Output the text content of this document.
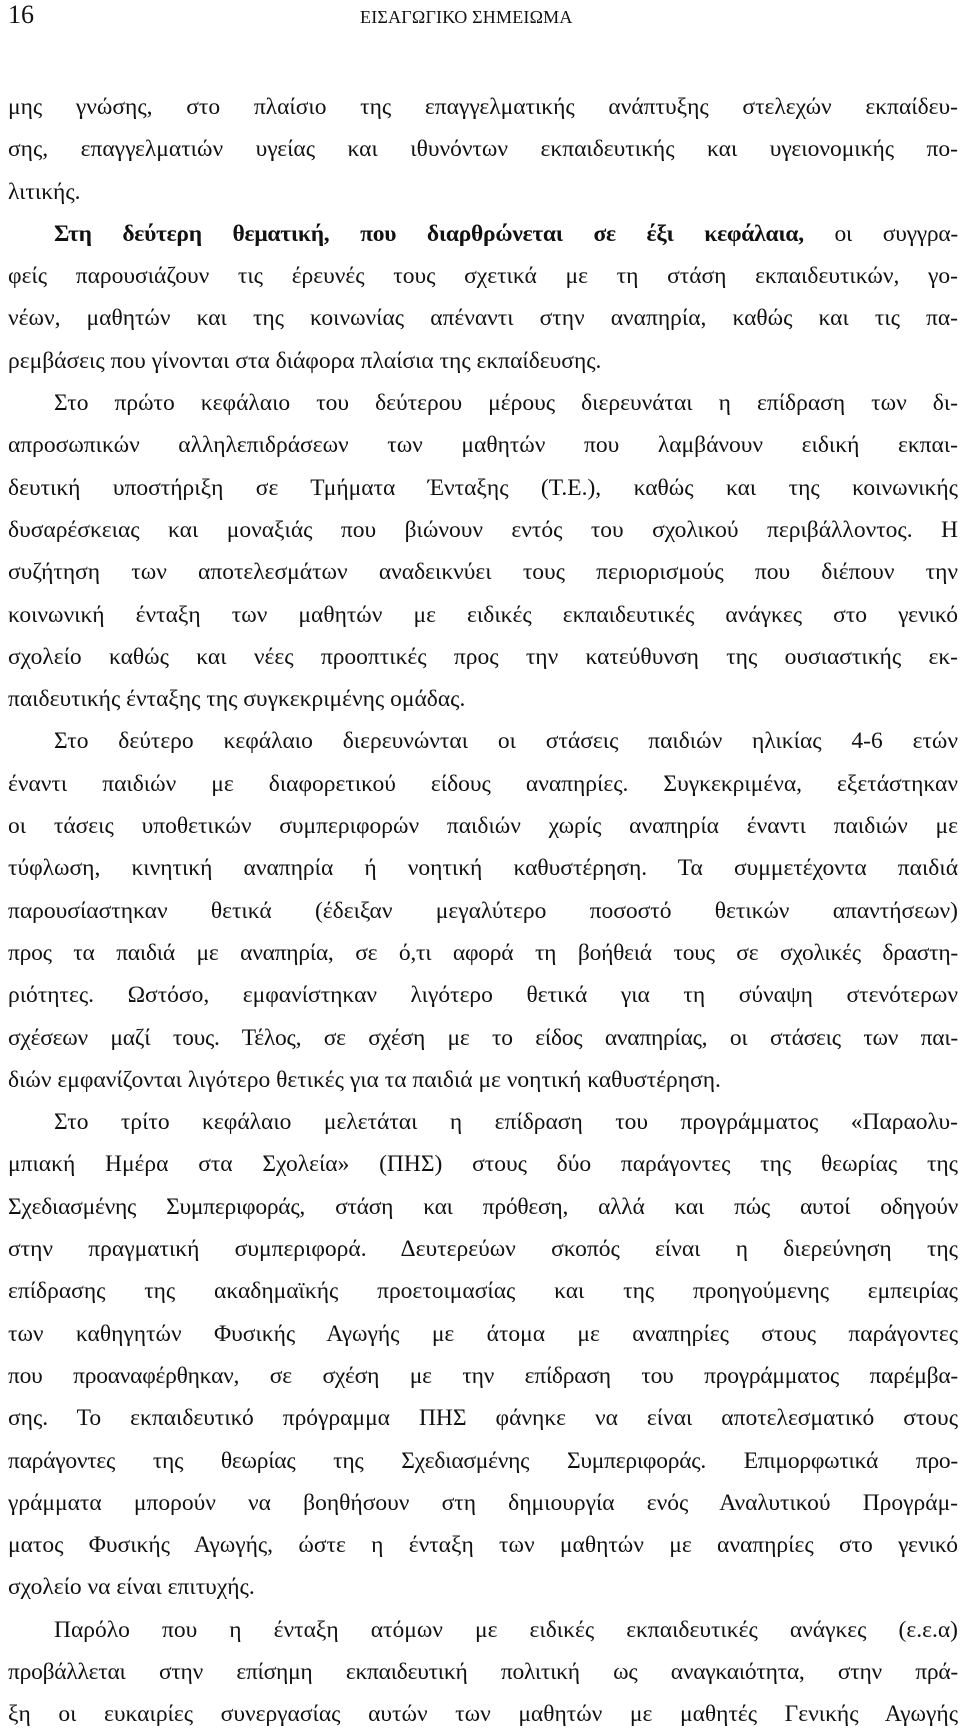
16	ΕΙΣΑΓΩΓΙΚΟ ΣΗΜΕΙΩΜΑ
μης γνώσης, στο πλαίσιο της επαγγελματικής ανάπτυξης στελεχών εκπαίδευ-
σης, επαγγελματιών υγείας και ιθυνόντων εκπαιδευτικής και υγειονομικής πο-
λιτικής.
Στη δεύτερη θεματική, που διαρθρώνεται σε έξι κεφάλαια, οι συγγρα-
φείς παρουσιάζουν τις έρευνές τους σχετικά με τη στάση εκπαιδευτικών, γο-
νέων, μαθητών και της κοινωνίας απέναντι στην αναπηρία, καθώς και τις πα-
ρεμβάσεις που γίνονται στα διάφορα πλαίσια της εκπαίδευσης.
Στο πρώτο κεφάλαιο του δεύτερου μέρους διερευνάται η επίδραση των δι-
απροσωπικών αλληλεπιδράσεων των μαθητών που λαμβάνουν ειδική εκπαι-
δευτική υποστήριξη σε Τμήματα Ένταξης (Τ.Ε.), καθώς και της κοινωνικής
δυσαρέσκειας και μοναξιάς που βιώνουν εντός του σχολικού περιβάλλοντος. Η
συζήτηση των αποτελεσμάτων αναδεικνύει τους περιορισμούς που διέπουν την
κοινωνική ένταξη των μαθητών με ειδικές εκπαιδευτικές ανάγκες στο γενικό
σχολείο καθώς και νέες προοπτικές προς την κατεύθυνση της ουσιαστικής εκ-
παιδευτικής ένταξης της συγκεκριμένης ομάδας.
Στο δεύτερο κεφάλαιο διερευνώνται οι στάσεις παιδιών ηλικίας 4-6 ετών
έναντι παιδιών με διαφορετικού είδους αναπηρίες. Συγκεκριμένα, εξετάστηκαν
οι τάσεις υποθετικών συμπεριφορών παιδιών χωρίς αναπηρία έναντι παιδιών με
τύφλωση, κινητική αναπηρία ή νοητική καθυστέρηση. Τα συμμετέχοντα παιδιά
παρουσίαστηκαν θετικά (έδειξαν μεγαλύτερο ποσοστό θετικών απαντήσεων)
προς τα παιδιά με αναπηρία, σε ό,τι αφορά τη βοήθειά τους σε σχολικές δραστη-
ριότητες. Ωστόσο, εμφανίστηκαν λιγότερο θετικά για τη σύναψη στενότερων
σχέσεων μαζί τους. Τέλος, σε σχέση με το είδος αναπηρίας, οι στάσεις των παι-
διών εμφανίζονται λιγότερο θετικές για τα παιδιά με νοητική καθυστέρηση.
Στο τρίτο κεφάλαιο μελετάται η επίδραση του προγράμματος «Παραολυ-
μπιακή Ημέρα στα Σχολεία» (ΠΗΣ) στους δύο παράγοντες της θεωρίας της
Σχεδιασμένης Συμπεριφοράς, στάση και πρόθεση, αλλά και πώς αυτοί οδηγούν
στην πραγματική συμπεριφορά. Δευτερεύων σκοπός είναι η διερεύνηση της
επίδρασης της ακαδημαϊκής προετοιμασίας και της προηγούμενης εμπειρίας
των καθηγητών Φυσικής Αγωγής με άτομα με αναπηρίες στους παράγοντες
που προαναφέρθηκαν, σε σχέση με την επίδραση του προγράμματος παρέμβα-
σης. Το εκπαιδευτικό πρόγραμμα ΠΗΣ φάνηκε να είναι αποτελεσματικό στους
παράγοντες της θεωρίας της Σχεδιασμένης Συμπεριφοράς. Επιμορφωτικά προ-
γράμματα μπορούν να βοηθήσουν στη δημιουργία ενός Αναλυτικού Προγράμ-
ματος Φυσικής Αγωγής, ώστε η ένταξη των μαθητών με αναπηρίες στο γενικό
σχολείο να είναι επιτυχής.
Παρόλο που η ένταξη ατόμων με ειδικές εκπαιδευτικές ανάγκες (ε.ε.α)
προβάλλεται στην επίσημη εκπαιδευτική πολιτική ως αναγκαιότητα, στην πρά-
ξη οι ευκαιρίες συνεργασίας αυτών των μαθητών με μαθητές Γενικής Αγωγής
